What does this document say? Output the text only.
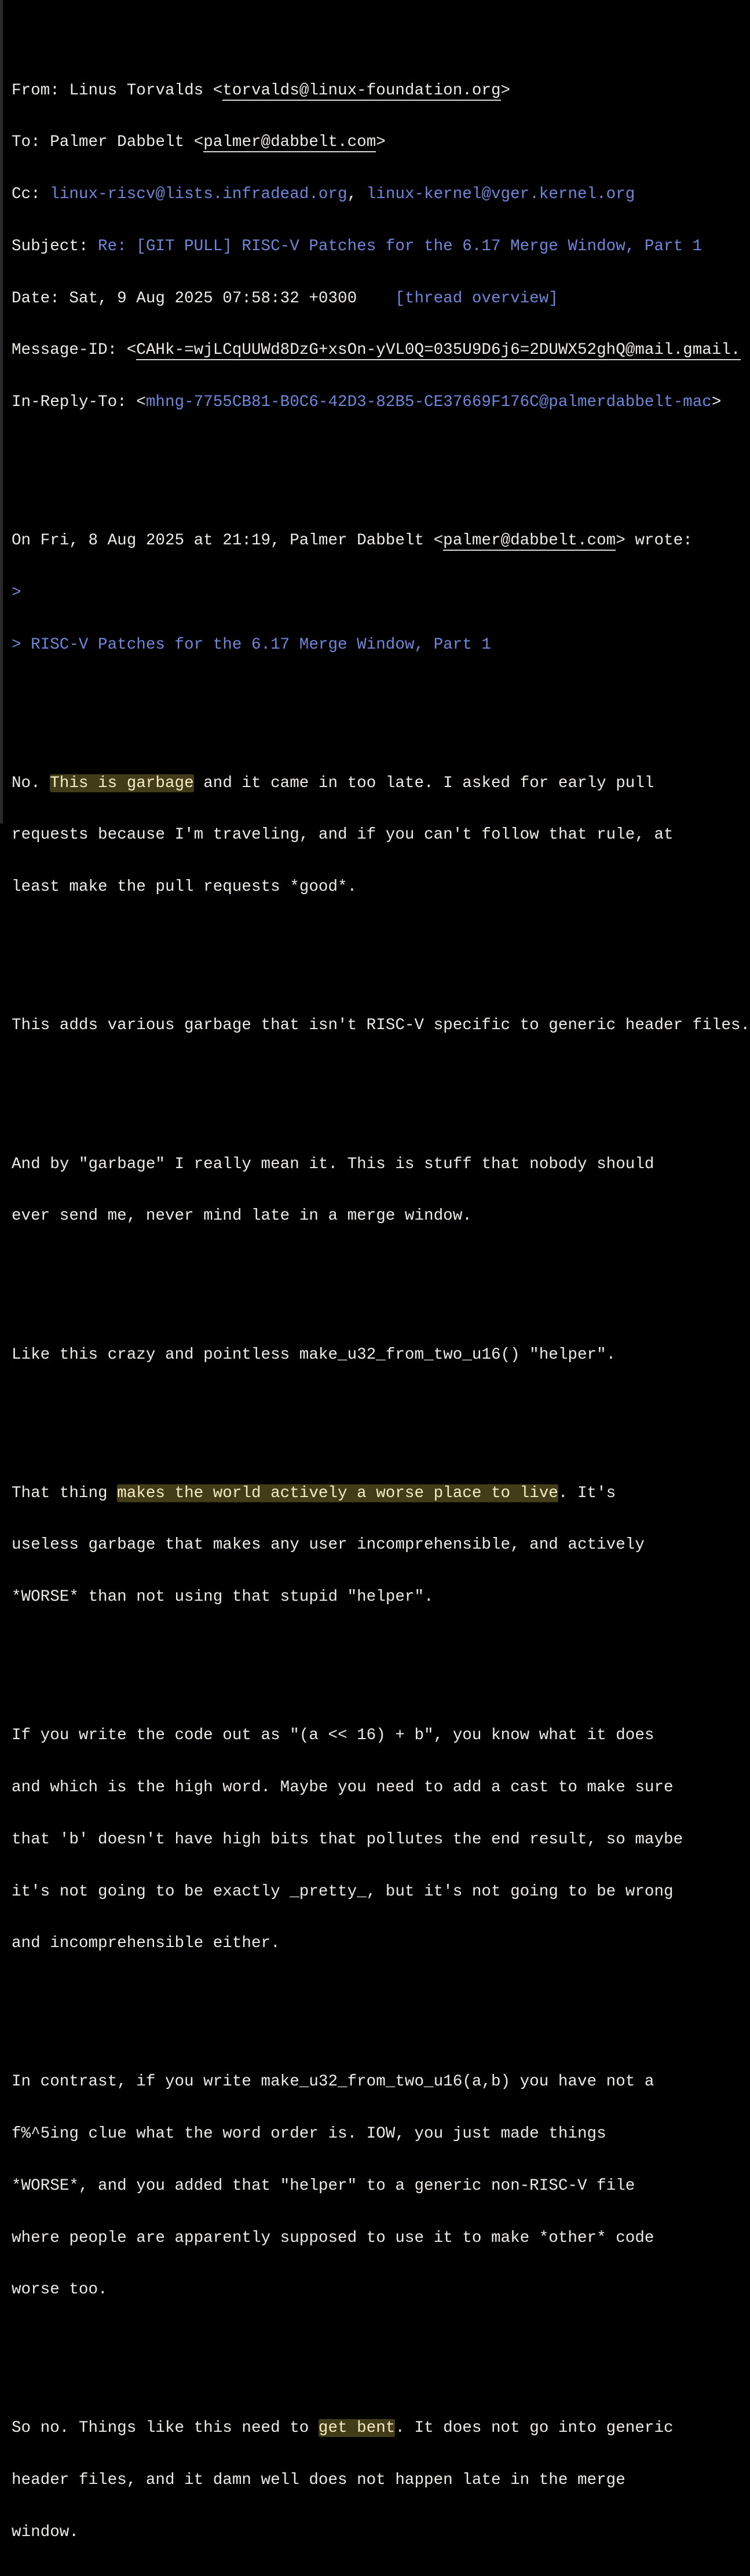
From: Linus Torvalds <torvalds@linux-foundation.org>

To: Palmer Dabbelt <palmer@dabbelt.com>

Cc: linux-riscv@lists.infradead.org, linux-kernel@vger.kernel.org

Subject: Re: [GIT PULL] RISC-V Patches for the 6.17 Merge Window, Part 1

Date: Sat, 9 Aug 2025 07:58:32 +0300    [thread overview]

Message-ID: <CAHk-=wjLCqUUWd8DzG+xsOn-yVL0Q=035U9D6j6=2DUWX52ghQ@mail.gmail.

In-Reply-To: <mhng-7755CB81-B0C6-42D3-82B5-CE37669F176C@palmerdabbelt-mac>

On Fri, 8 Aug 2025 at 21:19, Palmer Dabbelt <palmer@dabbelt.com> wrote:

>

> RISC-V Patches for the 6.17 Merge Window, Part 1

No. This is garbage and it came in too late. I asked for early pull

requests because I'm traveling, and if you can't follow that rule, at

least make the pull requests *good*.

This adds various garbage that isn't RISC-V specific to generic header files.

And by "garbage" I really mean it. This is stuff that nobody should

ever send me, never mind late in a merge window.

Like this crazy and pointless make_u32_from_two_u16() "helper".

That thing makes the world actively a worse place to live. It's

useless garbage that makes any user incomprehensible, and actively

*WORSE* than not using that stupid "helper".

If you write the code out as "(a << 16) + b", you know what it does

and which is the high word. Maybe you need to add a cast to make sure

that 'b' doesn't have high bits that pollutes the end result, so maybe

it's not going to be exactly _pretty_, but it's not going to be wrong

and incomprehensible either.

In contrast, if you write make_u32_from_two_u16(a,b) you have not a

f%^5ing clue what the word order is. IOW, you just made things

*WORSE*, and you added that "helper" to a generic non-RISC-V file

where people are apparently supposed to use it to make *other* code

worse too.

So no. Things like this need to get bent. It does not go into generic

header files, and it damn well does not happen late in the merge

window.
